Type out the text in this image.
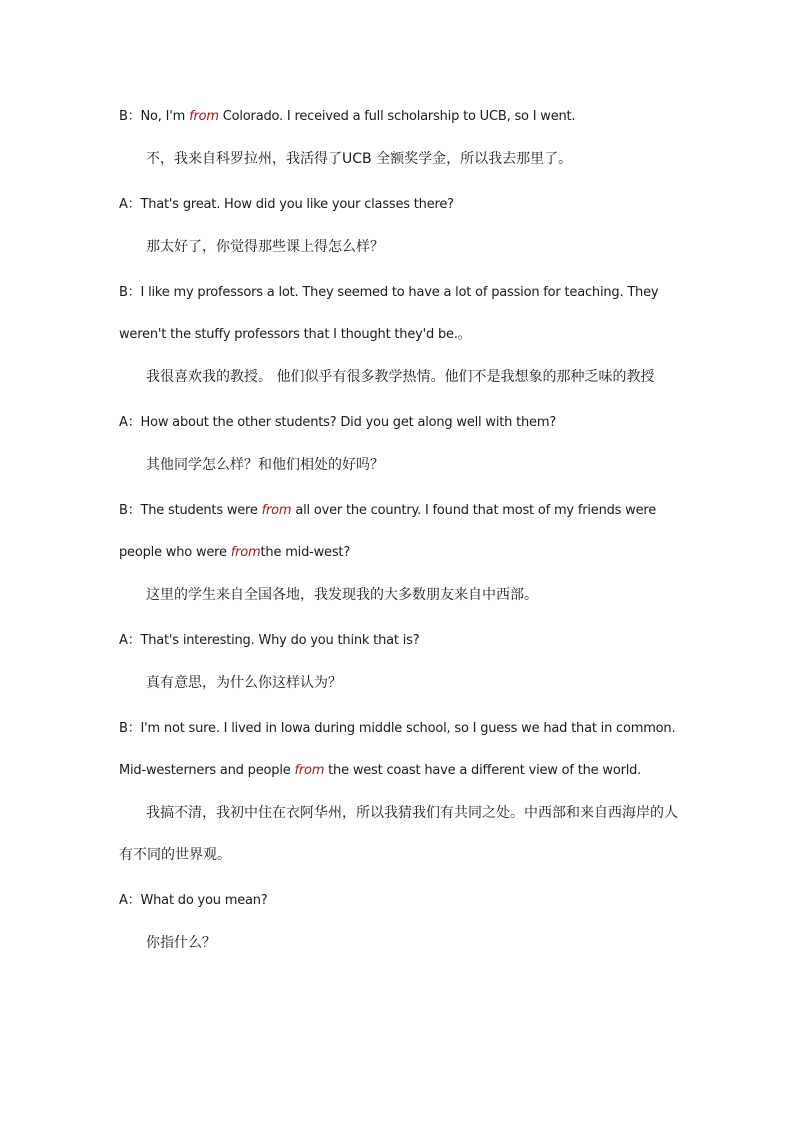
B：No, I'm from Colorado. I received a full scholarship to UCB, so I went.
不，我来自科罗拉州，我活得了UCB 全额奖学金，所以我去那里了。
A：That's great. How did you like your classes there?
那太好了，你觉得那些课上得怎么样？
B：I like my professors a lot. They seemed to have a lot of passion for teaching. They
weren't the stuffy professors that I thought they'd be.。
我很喜欢我的教授。 他们似乎有很多教学热情。他们不是我想象的那种乏味的教授
A：How about the other students? Did you get along well with them?
其他同学怎么样？和他们相处的好吗？
B：The students were from all over the country. I found that most of my friends were
people who were fromthe mid-west?
这里的学生来自全国各地，我发现我的大多数朋友来自中西部。
A：That's interesting. Why do you think that is?
真有意思，为什么你这样认为？
B：I'm not sure. I lived in Iowa during middle school, so I guess we had that in common.
Mid-westerners and people from the west coast have a different view of the world.
我搞不清，我初中住在衣阿华州，所以我猜我们有共同之处。中西部和来自西海岸的人
有不同的世界观。
A：What do you mean?
你指什么？
